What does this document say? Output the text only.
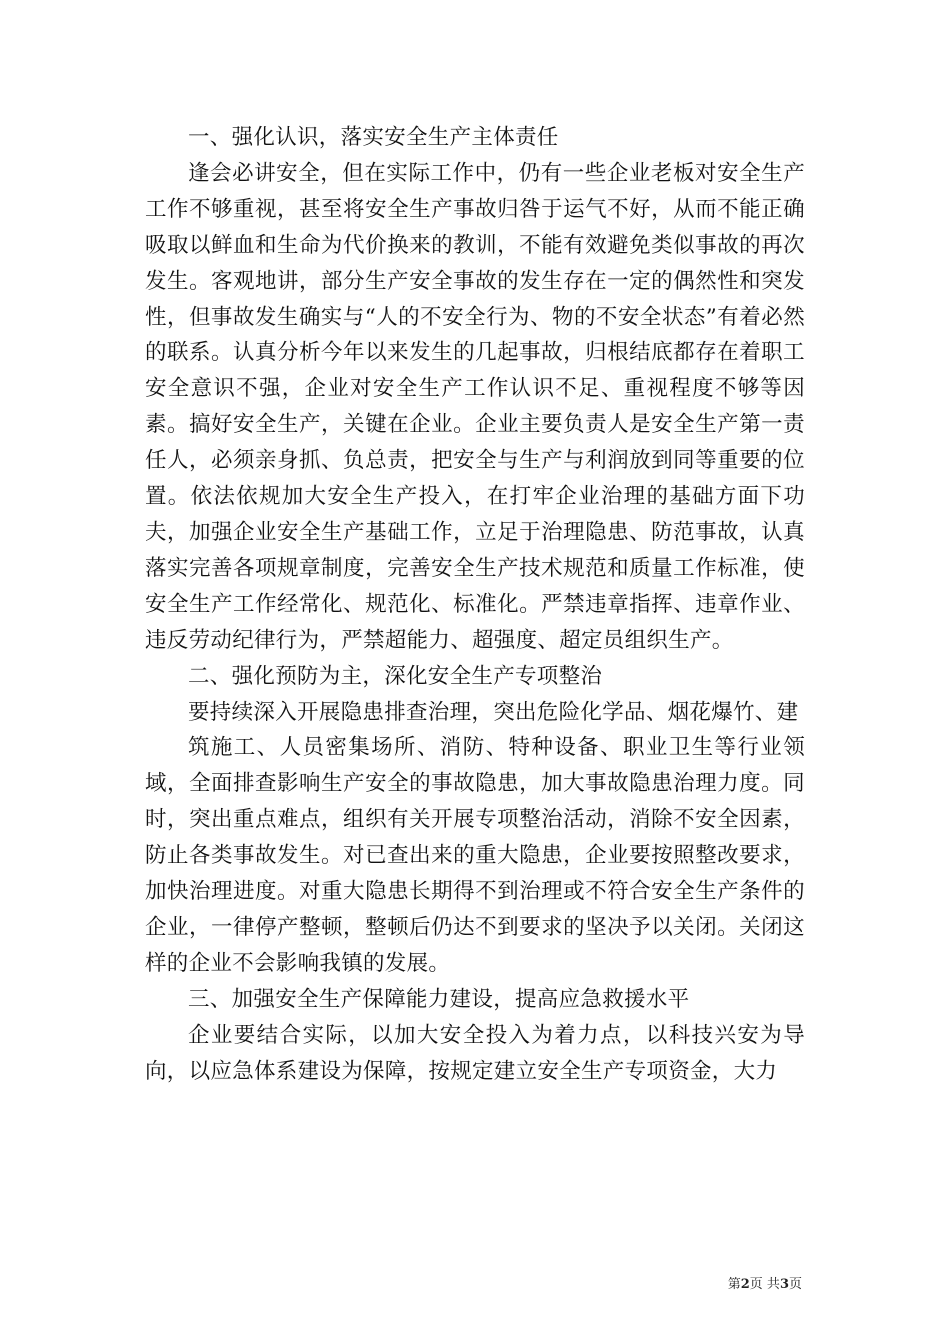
一、强化认识，落实安全生产主体责任

逢会必讲安全，但在实际工作中，仍有一些企业老板对安全生产工作不够重视，甚至将安全生产事故归咎于运气不好，从而不能正确吸取以鲜血和生命为代价换来的教训，不能有效避免类似事故的再次发生。客观地讲，部分生产安全事故的发生存在一定的偶然性和突发性，但事故发生确实与“人的不安全行为、物的不安全状态”有着必然的联系。认真分析今年以来发生的几起事故，归根结底都存在着职工安全意识不强，企业对安全生产工作认识不足、重视程度不够等因素。搞好安全生产，关键在企业。企业主要负责人是安全生产第一责任人，必须亲身抓、负总责，把安全与生产与利润放到同等重要的位置。依法依规加大安全生产投入，在打牢企业治理的基础方面下功夫，加强企业安全生产基础工作，立足于治理隐患、防范事故，认真落实完善各项规章制度，完善安全生产技术规范和质量工作标准，使安全生产工作经常化、规范化、标准化。严禁违章指挥、违章作业、违反劳动纪律行为，严禁超能力、超强度、超定员组织生产。

二、强化预防为主，深化安全生产专项整治

要持续深入开展隐患排查治理，突出危险化学品、烟花爆竹、建

筑施工、人员密集场所、消防、特种设备、职业卫生等行业领域，全面排查影响生产安全的事故隐患，加大事故隐患治理力度。同时，突出重点难点，组织有关开展专项整治活动，消除不安全因素，防止各类事故发生。对已查出来的重大隐患，企业要按照整改要求，加快治理进度。对重大隐患长期得不到治理或不符合安全生产条件的企业，一律停产整顿，整顿后仍达不到要求的坚决予以关闭。关闭这样的企业不会影响我镇的发展。

三、加强安全生产保障能力建设，提高应急救援水平

企业要结合实际，以加大安全投入为着力点，以科技兴安为导向，以应急体系建设为保障，按规定建立安全生产专项资金，大力

第2页 共3页
